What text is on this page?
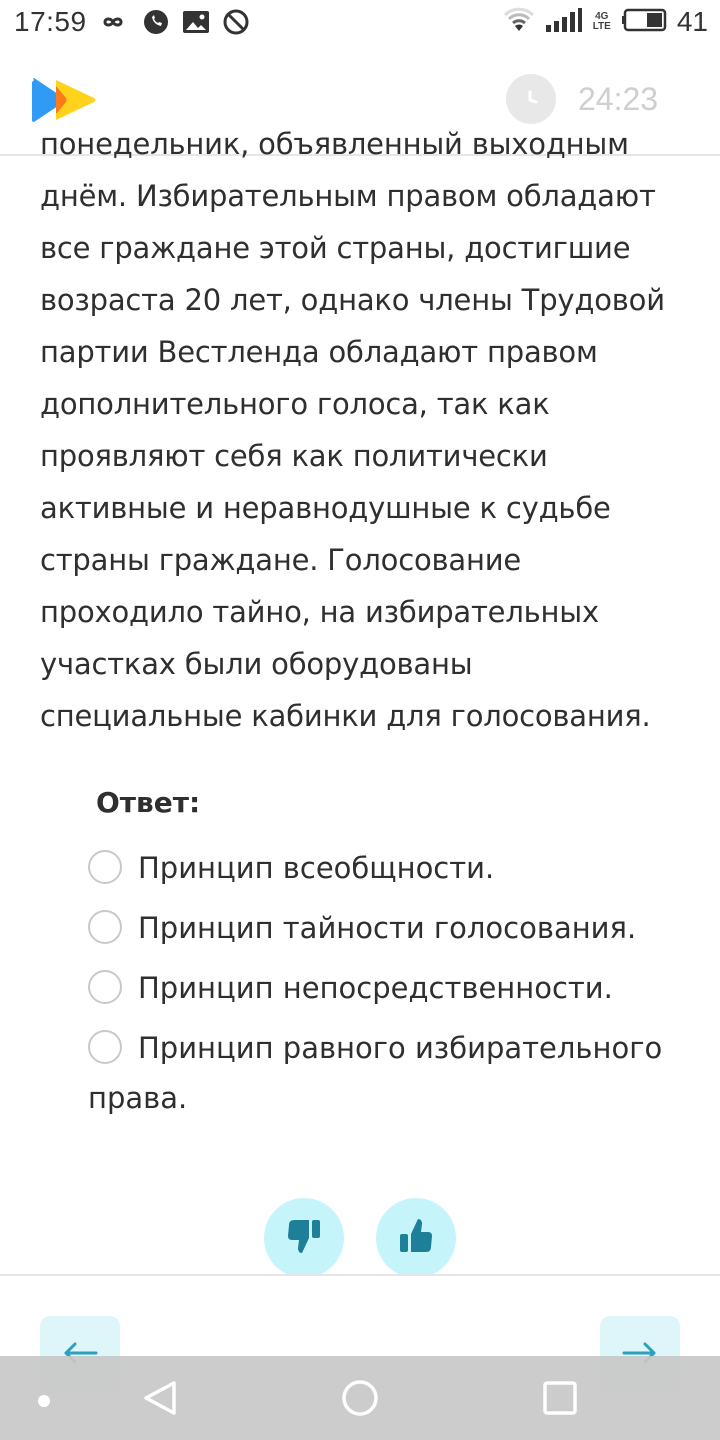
17:59	4G
LTE 41
24:23
понедельник, объявленный выходным
днём. Избирательным правом обладают
все граждане этой страны, достигшие
возраста 20 лет, однако члены Трудовой
партии Вестленда обладают правом
дополнительного голоса, так как
проявляют себя как политически
активные и неравнодушные к судьбе
страны граждане. Голосование
проходило тайно, на избирательных
участках были оборудованы
специальные кабинки для голосования.
Ответ:
Принцип всеобщности.
Принцип тайности голосования.
Принцип непосредственности.
Принцип равного избирательного
права.
